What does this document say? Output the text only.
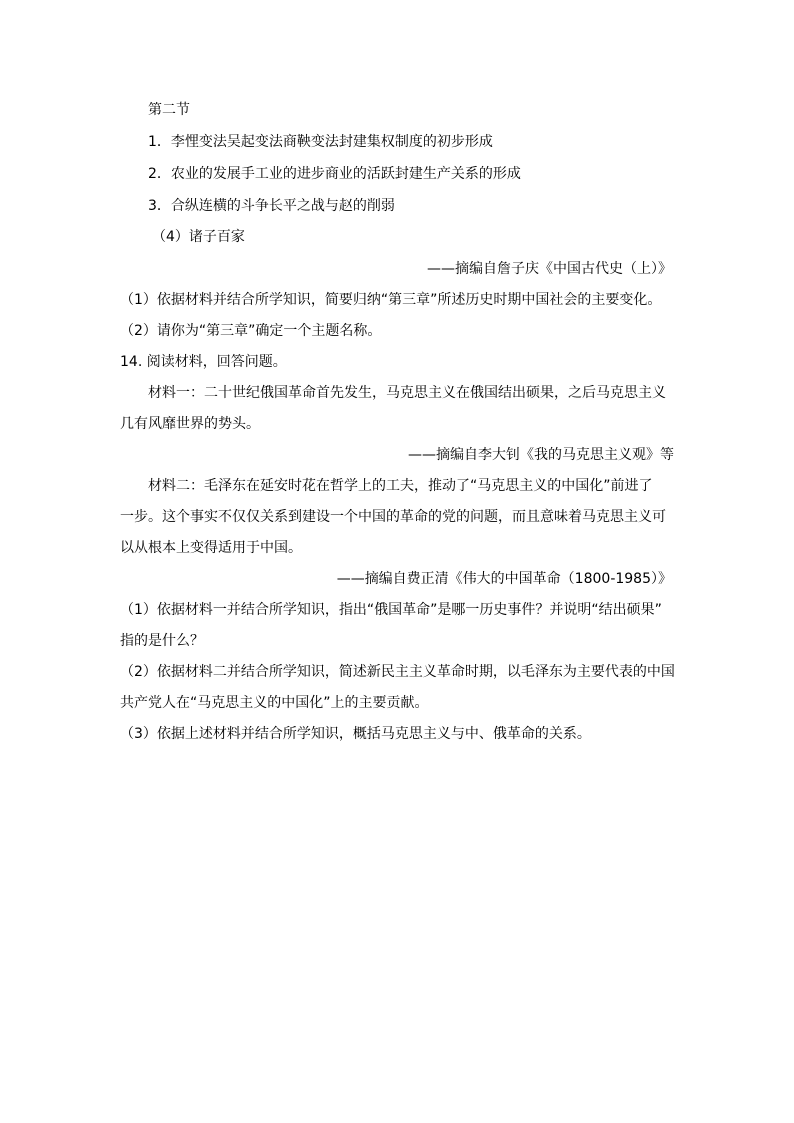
第二节
1．李悝变法吴起变法商鞅变法封建集权制度的初步形成
2．农业的发展手工业的进步商业的活跃封建生产关系的形成
3．合纵连横的斗争长平之战与赵的削弱
（4）诸子百家
——摘编自詹子庆《中国古代史（上）》
（1）依据材料并结合所学知识，简要归纳“第三章”所述历史时期中国社会的主要变化。
（2）请你为“第三章”确定一个主题名称。
14. 阅读材料，回答问题。
材料一：二十世纪俄国革命首先发生，马克思主义在俄国结出硕果，之后马克思主义
几有风靡世界的势头。
——摘编自李大钊《我的马克思主义观》等
材料二：毛泽东在延安时花在哲学上的工夫，推动了“马克思主义的中国化”前进了
一步。这个事实不仅仅关系到建设一个中国的革命的党的问题，而且意味着马克思主义可
以从根本上变得适用于中国。
——摘编自费正清《伟大的中国革命（1800-1985）》
（1）依据材料一并结合所学知识，指出“俄国革命”是哪一历史事件？并说明“结出硕果”
指的是什么？
（2）依据材料二并结合所学知识，简述新民主主义革命时期，以毛泽东为主要代表的中国
共产党人在“马克思主义的中国化”上的主要贡献。
（3）依据上述材料并结合所学知识，概括马克思主义与中、俄革命的关系。
